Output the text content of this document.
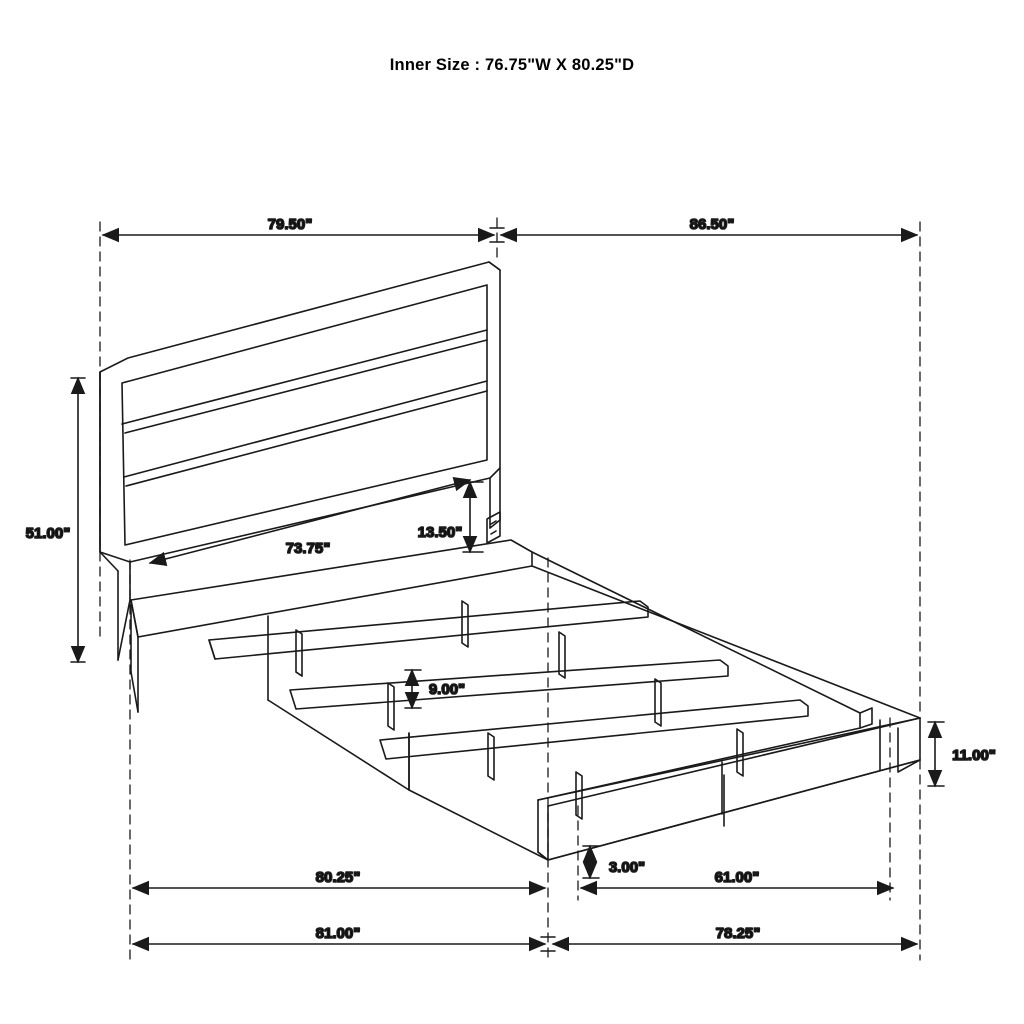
Inner Size : 76.75"W X 80.25"D
79.50"	86.50"
51.00"
73.75"
13.50"
9.00"
11.00"
3.00"
80.25"	61.00"
81.00"	78.25"
